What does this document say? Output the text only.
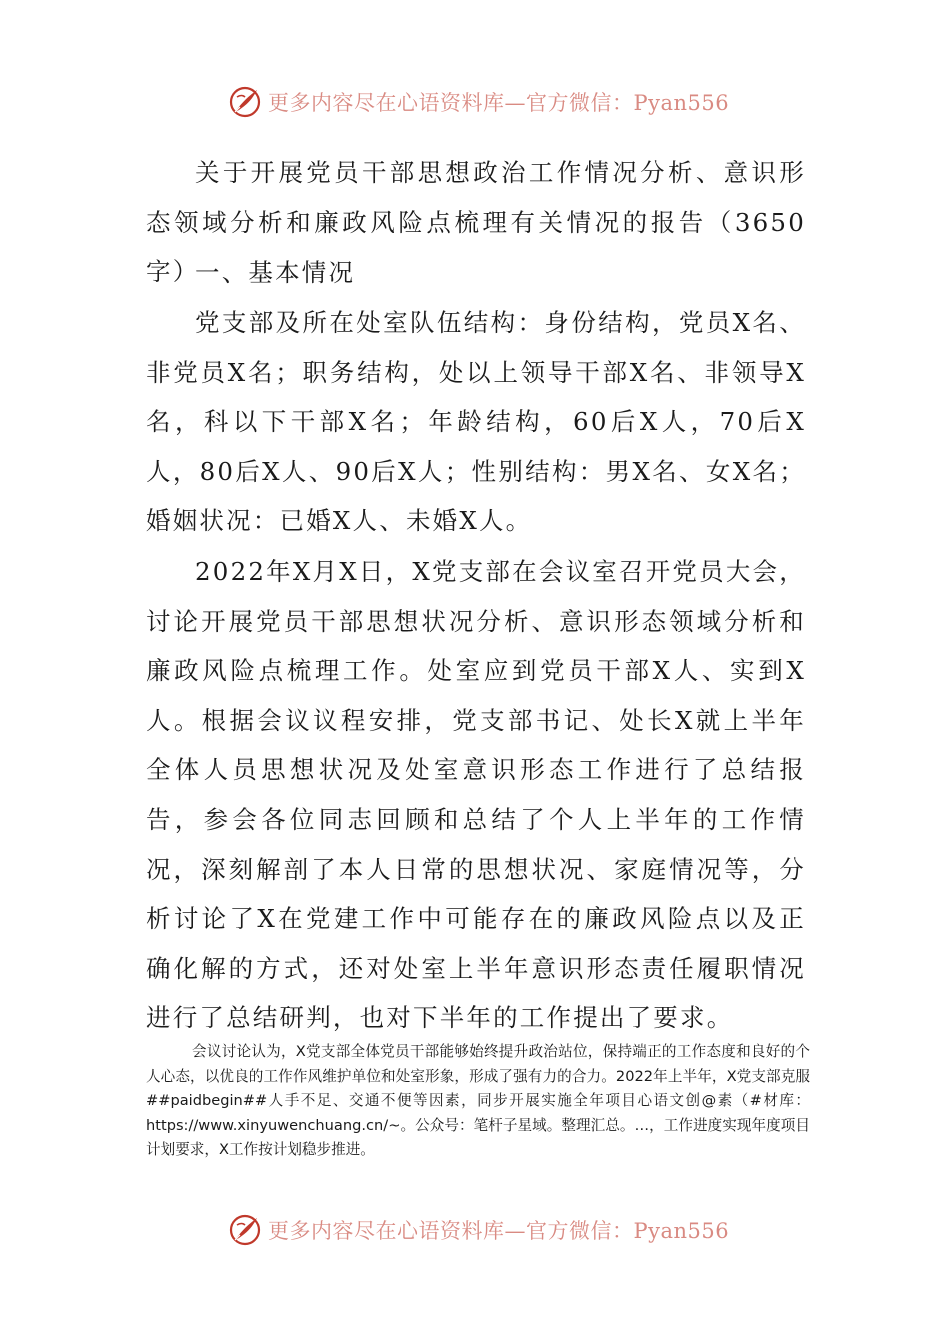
更多内容尽在心语资料库—官方微信：Pyan556

关于开展党员干部思想政治工作情况分析、意识形态领域分析和廉政风险点梳理有关情况的报告（3650字）

一、基本情况

党支部及所在处室队伍结构：身份结构，党员X名、非党员X名；职务结构，处以上领导干部X名、非领导X名，科以下干部X名；年龄结构，60后X人，70后X人，80后X人、90后X人；性别结构：男X名、女X名；婚姻状况：已婚X人、未婚X人。

2022年X月X日，X党支部在会议室召开党员大会，讨论开展党员干部思想状况分析、意识形态领域分析和廉政风险点梳理工作。处室应到党员干部X人、实到X人。根据会议议程安排，党支部书记、处长X就上半年全体人员思想状况及处室意识形态工作进行了总结报告，参会各位同志回顾和总结了个人上半年的工作情况，深刻解剖了本人日常的思想状况、家庭情况等，分析讨论了X在党建工作中可能存在的廉政风险点以及正确化解的方式，还对处室上半年意识形态责任履职情况进行了总结研判，也对下半年的工作提出了要求。

会议讨论认为，X党支部全体党员干部能够始终提升政治站位，保持端正的工作态度和良好的个人心态，以优良的工作作风维护单位和处室形象，形成了强有力的合力。2022年上半年，X党支部克服##paidbegin##人手不足、交通不便等因素，同步开展实施全年项目心语文创@素（#材库：https://www.xinyuwenchuang.cn/~。公众号：笔杆子星域。整理汇总。…，工作进度实现年度项目计划要求，X工作按计划稳步推进。

更多内容尽在心语资料库—官方微信：Pyan556
